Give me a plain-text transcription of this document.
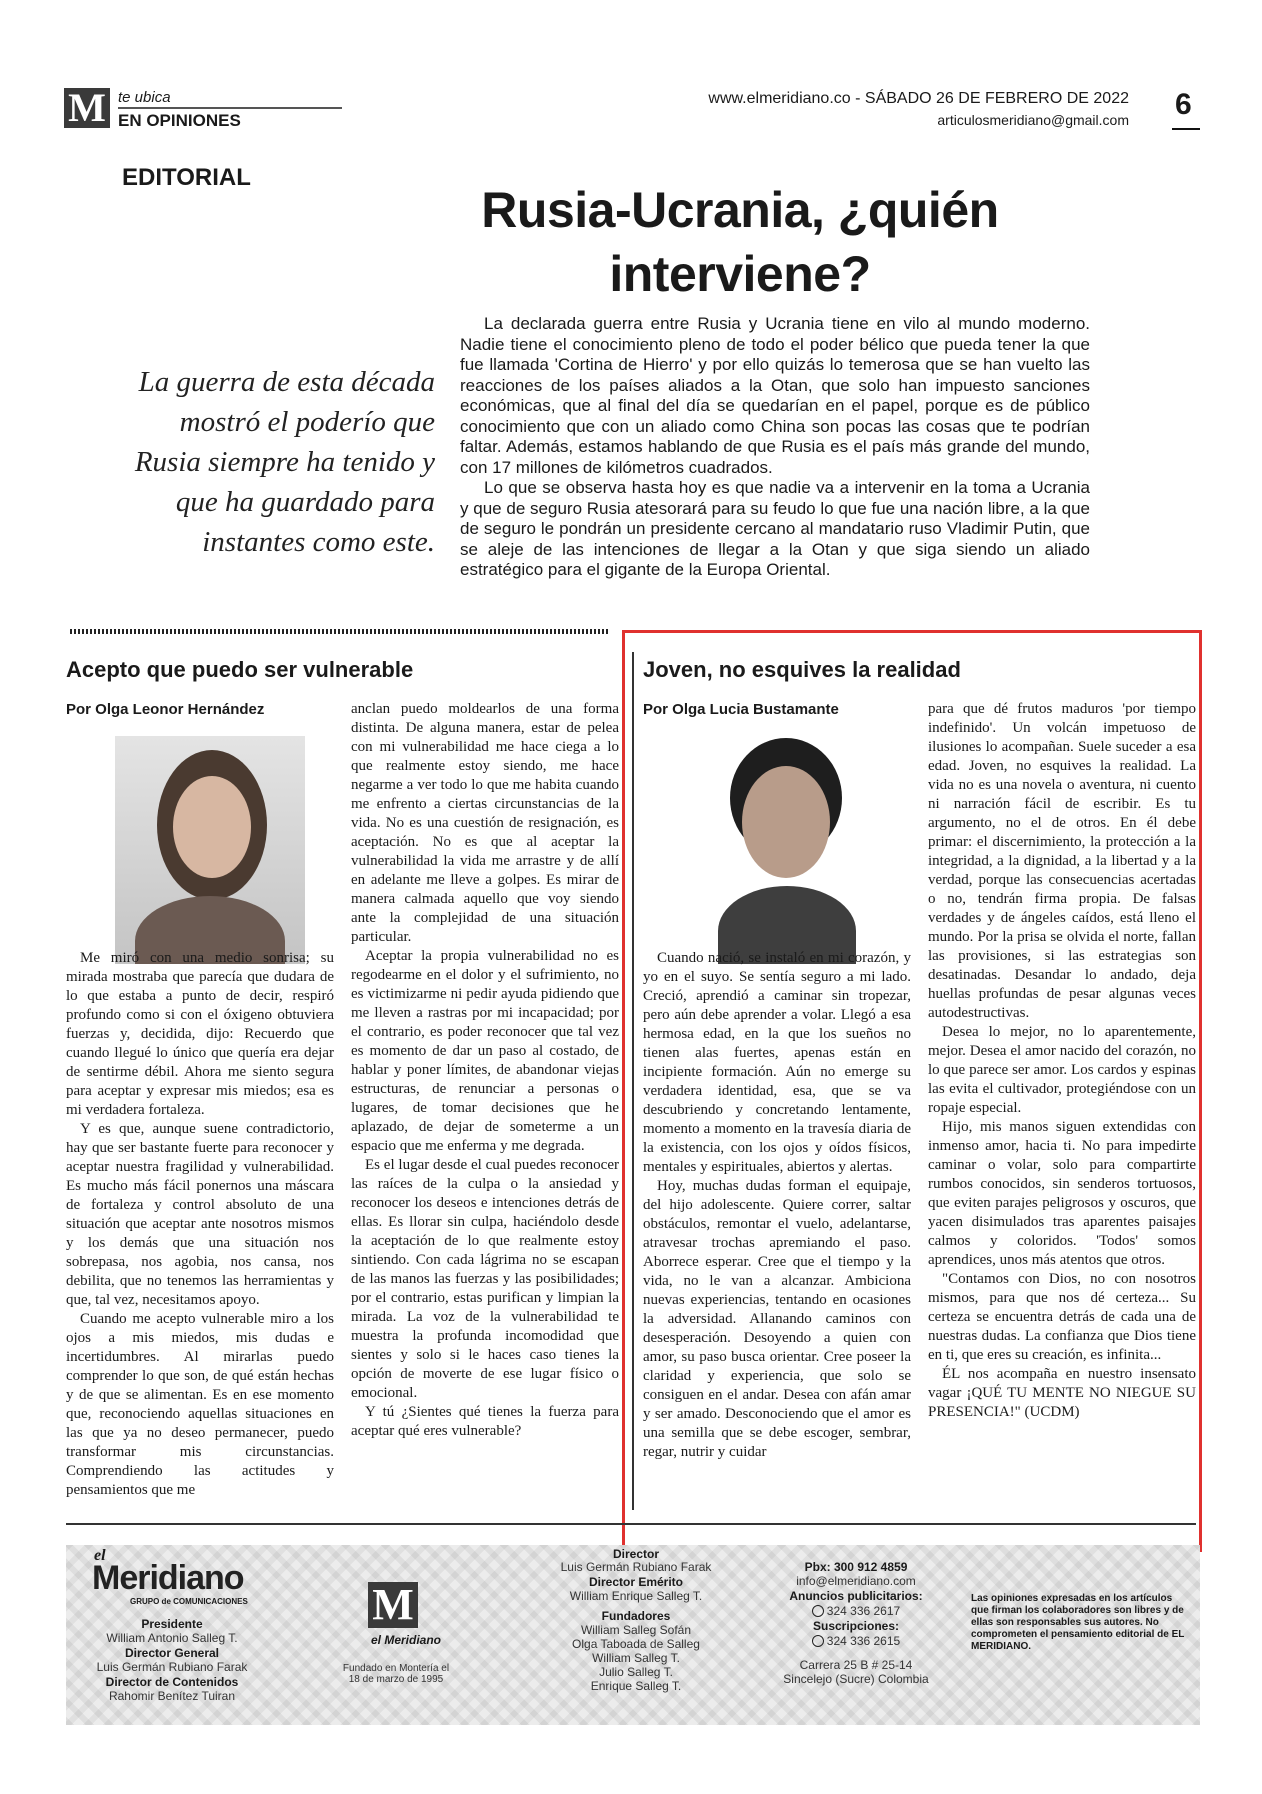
M te ubica
EN OPINIONES
www.elmeridiano.co - SÁBADO 26 DE FEBRERO DE 2022
articulosmeridiano@gmail.com 6
EDITORIAL
Rusia-Ucrania, ¿quién interviene?
La guerra de esta década mostró el poderío que Rusia siempre ha tenido y que ha guardado para instantes como este.

La declarada guerra entre Rusia y Ucrania tiene en vilo al mundo moderno. Nadie tiene el conocimiento pleno de todo el poder bélico que pueda tener la que fue llamada 'Cortina de Hierro' y por ello quizás lo temerosa que se han vuelto las reacciones de los países aliados a la Otan, que solo han impuesto sanciones económicas, que al final del día se quedarían en el papel, porque es de público conocimiento que con un aliado como China son pocas las cosas que te podrían faltar. Además, estamos hablando de que Rusia es el país más grande del mundo, con 17 millones de kilómetros cuadrados.

Lo que se observa hasta hoy es que nadie va a intervenir en la toma a Ucrania y que de seguro Rusia atesorará para su feudo lo que fue una nación libre, a la que de seguro le pondrán un presidente cercano al mandatario ruso Vladimir Putin, que se aleje de las intenciones de llegar a la Otan y que siga siendo un aliado estratégico para el gigante de la Europa Oriental.

Acepto que puedo ser vulnerable
Por Olga Leonor Hernández

Me miró con una medio sonrisa; su mirada mostraba que parecía que dudara de lo que estaba a punto de decir, respiró profundo como si con el óxigeno obtuviera fuerzas y, decidida, dijo: Recuerdo que cuando llegué lo único que quería era dejar de sentirme débil. Ahora me siento segura para aceptar y expresar mis miedos; esa es mi verdadera fortaleza.

Y es que, aunque suene contradictorio, hay que ser bastante fuerte para reconocer y aceptar nuestra fragilidad y vulnerabilidad. Es mucho más fácil ponernos una máscara de fortaleza y control absoluto de una situación que aceptar ante nosotros mismos y los demás que una situación nos sobrepasa, nos agobia, nos cansa, nos debilita, que no tenemos las herramientas y que, tal vez, necesitamos apoyo.

Cuando me acepto vulnerable miro a los ojos a mis miedos, mis dudas e incertidumbres. Al mirarlas puedo comprender lo que son, de qué están hechas y de que se alimentan. Es en ese momento que, reconociendo aquellas situaciones en las que ya no deseo permanecer, puedo transformar mis circunstancias. Comprendiendo las actitudes y pensamientos que me

anclan puedo moldearlos de una forma distinta. De alguna manera, estar de pelea con mi vulnerabilidad me hace ciega a lo que realmente estoy siendo, me hace negarme a ver todo lo que me habita cuando me enfrento a ciertas circunstancias de la vida. No es una cuestión de resignación, es aceptación. No es que al aceptar la vulnerabilidad la vida me arrastre y de allí en adelante me lleve a golpes. Es mirar de manera calmada aquello que voy siendo ante la complejidad de una situación particular.

Aceptar la propia vulnerabilidad no es regodearme en el dolor y el sufrimiento, no es victimizarme ni pedir ayuda pidiendo que me lleven a rastras por mi incapacidad; por el contrario, es poder reconocer que tal vez es momento de dar un paso al costado, de hablar y poner límites, de abandonar viejas estructuras, de renunciar a personas o lugares, de tomar decisiones que he aplazado, de dejar de someterme a un espacio que me enferma y me degrada.

Es el lugar desde el cual puedes reconocer las raíces de la culpa o la ansiedad y reconocer los deseos e intenciones detrás de ellas. Es llorar sin culpa, haciéndolo desde la aceptación de lo que realmente estoy sintiendo. Con cada lágrima no se escapan de las manos las fuerzas y las posibilidades; por el contrario, estas purifican y limpian la mirada. La voz de la vulnerabilidad te muestra la profunda incomodidad que sientes y solo si le haces caso tienes la opción de moverte de ese lugar físico o emocional.

Y tú ¿Sientes qué tienes la fuerza para aceptar qué eres vulnerable?

Joven, no esquives la realidad
Por Olga Lucia Bustamante

Cuando nació, se instaló en mi corazón, y yo en el suyo. Se sentía seguro a mi lado. Creció, aprendió a caminar sin tropezar, pero aún debe aprender a volar. Llegó a esa hermosa edad, en la que los sueños no tienen alas fuertes, apenas están en incipiente formación. Aún no emerge su verdadera identidad, esa, que se va descubriendo y concretando lentamente, momento a momento en la travesía diaria de la existencia, con los ojos y oídos físicos, mentales y espirituales, abiertos y alertas.

Hoy, muchas dudas forman el equipaje, del hijo adolescente. Quiere correr, saltar obstáculos, remontar el vuelo, adelantarse, atravesar trochas apremiando el paso. Aborrece esperar. Cree que el tiempo y la vida, no le van a alcanzar. Ambiciona nuevas experiencias, tentando en ocasiones la adversidad. Allanando caminos con desesperación. Desoyendo a quien con amor, su paso busca orientar. Cree poseer la claridad y experiencia, que solo se consiguen en el andar. Desea con afán amar y ser amado. Desconociendo que el amor es una semilla que se debe escoger, sembrar, regar, nutrir y cuidar

para que dé frutos maduros 'por tiempo indefinido'. Un volcán impetuoso de ilusiones lo acompañan. Suele suceder a esa edad. Joven, no esquives la realidad. La vida no es una novela o aventura, ni cuento ni narración fácil de escribir. Es tu argumento, no el de otros. En él debe primar: el discernimiento, la protección a la integridad, a la dignidad, a la libertad y a la verdad, porque las consecuencias acertadas o no, tendrán firma propia. De falsas verdades y de ángeles caídos, está lleno el mundo. Por la prisa se olvida el norte, fallan las provisiones, si las estrategias son desatinadas. Desandar lo andado, deja huellas profundas de pesar algunas veces autodestructivas.

Desea lo mejor, no lo aparentemente, mejor. Desea el amor nacido del corazón, no lo que parece ser amor. Los cardos y espinas las evita el cultivador, protegiéndose con un ropaje especial.

Hijo, mis manos siguen extendidas con inmenso amor, hacia ti. No para impedirte caminar o volar, solo para compartirte rumbos conocidos, sin senderos tortuosos, que eviten parajes peligrosos y oscuros, que yacen disimulados tras aparentes paisajes calmos y coloridos. 'Todos' somos aprendices, unos más atentos que otros.

"Contamos con Dios, no con nosotros mismos, para que nos dé certeza... Su certeza se encuentra detrás de cada una de nuestras dudas. La confianza que Dios tiene en ti, que eres su creación, es infinita...

ÉL nos acompaña en nuestro insensato vagar ¡QUÉ TU MENTE NO NIEGUE SU PRESENCIA!" (UCDM)

el
Meridiano
GRUPO de COMUNICACIONES
Presidente
William Antonio Salleg T.
Director General
Luis Germán Rubiano Farak
Director de Contenidos
Rahomir Benítez Tuiran
M
el Meridiano
Fundado en Montería el 18 de marzo de 1995
Director
Luis Germán Rubiano Farak
Director Emérito
William Enrique Salleg T.
Fundadores
William Salleg Sofán
Olga Taboada de Salleg
William Salleg T.
Julio Salleg T.
Enrique Salleg T.
Pbx: 300 912 4859
info@elmeridiano.com
Anuncios publicitarios:
324 336 2617
Suscripciones:
324 336 2615
Carrera 25 B # 25-14
Sincelejo (Sucre) Colombia
Las opiniones expresadas en los artículos que firman los colaboradores son libres y de ellas son responsables sus autores. No comprometen el pensamiento editorial de EL MERIDIANO.
